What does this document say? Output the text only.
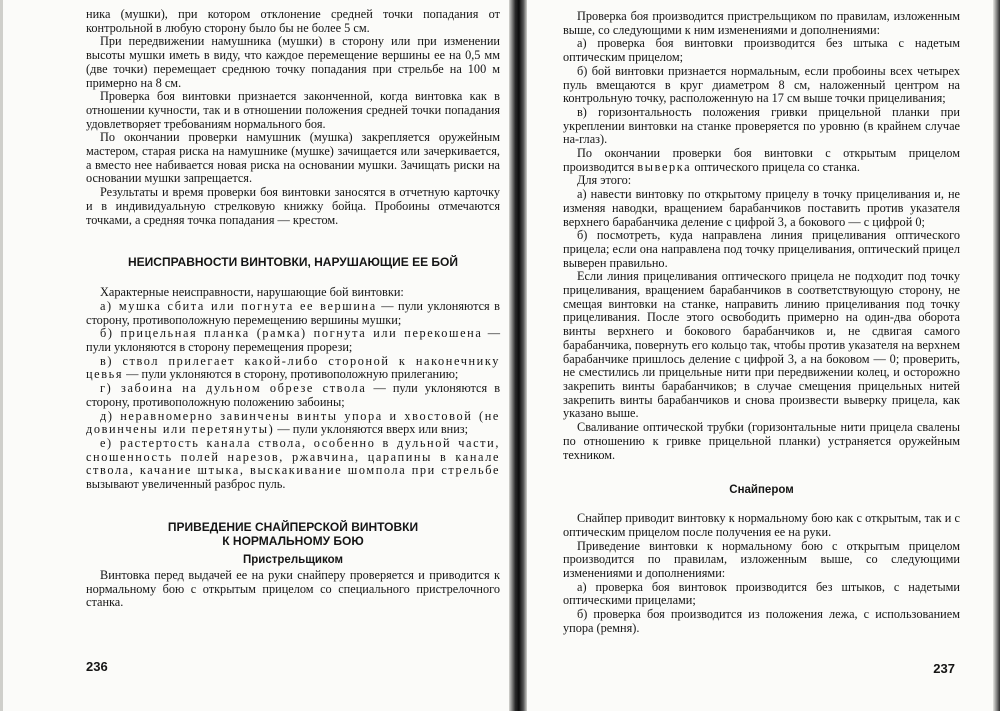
ника (мушки), при котором отклонение средней точки попадания от контрольной в любую сторону было бы не более 5 см.

При передвижении намушника (мушки) в сторону или при изменении высоты мушки иметь в виду, что каждое перемещение вершины ее на 0,5 мм (две точки) перемещает среднюю точку попадания при стрельбе на 100 м примерно на 8 см.

Проверка боя винтовки признается законченной, когда винтовка как в отношении кучности, так и в отношении положения средней точки попадания удовлетворяет требованиям нормального боя.

По окончании проверки намушник (мушка) закрепляется оружейным мастером, старая риска на намушнике (мушке) зачищается или зачеркивается, а вместо нее набивается новая риска на основании мушки. Зачищать риски на основании мушки запрещается.

Результаты и время проверки боя винтовки заносятся в отчетную карточку и в индивидуальную стрелковую книжку бойца. Пробоины отмечаются точками, а средняя точка попадания — крестом.

НЕИСПРАВНОСТИ ВИНТОВКИ, НАРУШАЮЩИЕ ЕЕ БОЙ

Характерные неисправности, нарушающие бой винтовки:

а) мушка сбита или погнута ее вершина — пули уклоняются в сторону, противоположную перемещению вершины мушки;

б) прицельная планка (рамка) погнута или перекошена — пули уклоняются в сторону перемещения прорези;

в) ствол прилегает какой-либо стороной к наконечнику цевья — пули уклоняются в сторону, противоположную прилеганию;

г) забоина на дульном обрезе ствола — пули уклоняются в сторону, противоположную положению забоины;

д) неравномерно завинчены винты упора и хвостовой (не довинчены или перетянуты) — пули уклоняются вверх или вниз;

е) растертость канала ствола, особенно в дульной части, сношенность полей нарезов, ржавчина, царапины в канале ствола, качание штыка, выскакивание шомпола при стрельбе вызывают увеличенный разброс пуль.

ПРИВЕДЕНИЕ СНАЙПЕРСКОЙ ВИНТОВКИ
К НОРМАЛЬНОМУ БОЮ
Пристрельщиком

Винтовка перед выдачей ее на руки снайперу проверяется и приводится к нормальному бою с открытым прицелом со специального пристрелочного станка.

236

Проверка боя производится пристрельщиком по правилам, изложенным выше, со следующими к ним изменениями и дополнениями:

а) проверка боя винтовки производится без штыка с надетым оптическим прицелом;

б) бой винтовки признается нормальным, если пробоины всех четырех пуль вмещаются в круг диаметром 8 см, наложенный центром на контрольную точку, расположенную на 17 см выше точки прицеливания;

в) горизонтальность положения гривки прицельной планки при укреплении винтовки на станке проверяется по уровню (в крайнем случае на-глаз).

По окончании проверки боя винтовки с открытым прицелом производится выверка оптического прицела со станка.

Для этого:

а) навести винтовку по открытому прицелу в точку прицеливания и, не изменяя наводки, вращением барабанчиков поставить против указателя верхнего барабанчика деление с цифрой 3, а бокового — с цифрой 0;

б) посмотреть, куда направлена линия прицеливания оптического прицела; если она направлена под точку прицеливания, оптический прицел выверен правильно.

Если линия прицеливания оптического прицела не подходит под точку прицеливания, вращением барабанчиков в соответствующую сторону, не смещая винтовки на станке, направить линию прицеливания под точку прицеливания. После этого освободить примерно на один-два оборота винты верхнего и бокового барабанчиков и, не сдвигая самого барабанчика, повернуть его кольцо так, чтобы против указателя на верхнем барабанчике пришлось деление с цифрой 3, а на боковом — 0; проверить, не сместились ли прицельные нити при передвижении колец, и осторожно закрепить винты барабанчиков; в случае смещения прицельных нитей закрепить винты барабанчиков и снова произвести выверку прицела, как указано выше.

Сваливание оптической трубки (горизонтальные нити прицела свалены по отношению к гривке прицельной планки) устраняется оружейным техником.

Снайпером

Снайпер приводит винтовку к нормальному бою как с открытым, так и с оптическим прицелом после получения ее на руки.

Приведение винтовки к нормальному бою с открытым прицелом производится по правилам, изложенным выше, со следующими изменениями и дополнениями:

а) проверка боя винтовок производится без штыков, с надетыми оптическими прицелами;

б) проверка боя производится из положения лежа, с использованием упора (ремня).

237
